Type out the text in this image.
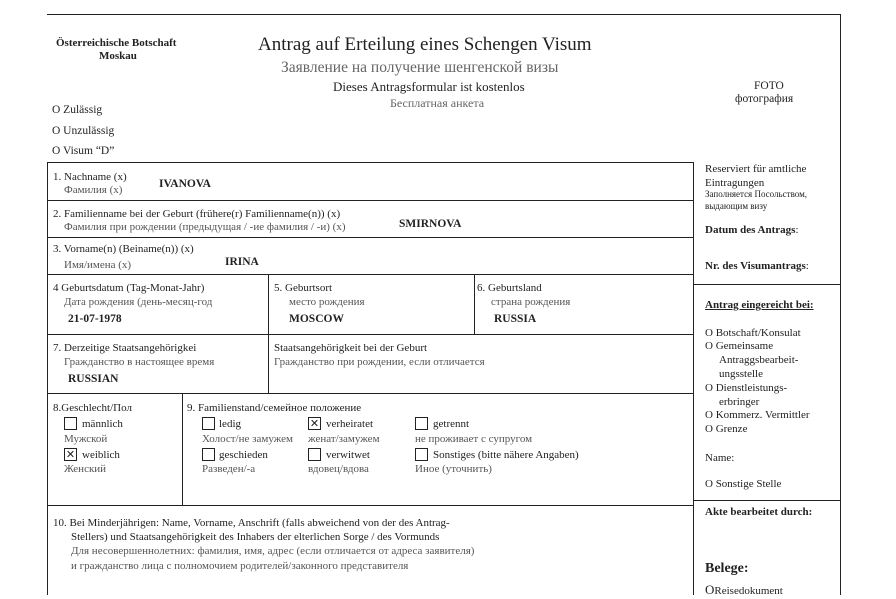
Österreichische Botschaft
Moskau
Antrag auf Erteilung eines Schengen Visum
Заявление на получение шенгенской визы
Dieses Antragsformular ist kostenlos
Бесплатная анкета
FOTO
фотография
O Zulässig
O Unzulässig
O Visum “D”
1. Nachname (x)
Фамилия (x)	IVANOVA
2. Familienname bei der Geburt (frühere(r) Familienname(n)) (x)
Фамилия при рождении (предыдущая / -ие фамилия / -и) (x)	SMIRNOVA
3. Vorname(n) (Beiname(n)) (x)
Имя/имена (x)	IRINA
4 Geburtsdatum (Tag-Monat-Jahr)
Дата рождения (день-месяц-год
21-07-1978
5. Geburtsort
место рождения
MOSCOW
6. Geburtsland
страна рождения
RUSSIA
7. Derzeitige Staatsangehörigkei
Гражданство в настоящее время
RUSSIAN
Staatsangehörigkeit bei der Geburt
Гражданство при рождении, если отличается
8.Geschlecht/Пол
männlich
Мужской
✕ weiblich
Женский
9. Familienstand/семейное положение
ledig
Холост/не замужем
✕ verheiratet
женат/замужем
getrennt
не проживает с супругом
geschieden
Разведен/-а
verwitwet
вдовец/вдова
Sonstiges (bitte nähere Angaben)
Иное (уточнить)
10. Bei Minderjährigen: Name, Vorname, Anschrift (falls abweichend von der des Antrag-
Stellers) und Staatsangehörigkeit des Inhabers der elterlichen Sorge / des Vormunds
Для несовершеннолетних: фамилия, имя, адрес (если отличается от адреса заявителя)
и гражданство лица с полномочием родителей/законного представителя
Reserviert für amtliche
Eintragungen
Заполняется Посольством,
выдающим визу
Datum des Antrags:
Nr. des Visumantrags:
Antrag eingereicht bei:
O Botschaft/Konsulat
O Gemeinsame
Antraggsbearbeit-
ungsstelle
O Dienstleistungs-
erbringer
O Kommerz. Vermittler
O Grenze
Name:
O Sonstige Stelle
Akte bearbeitet durch:
Belege:
OReisedokument
